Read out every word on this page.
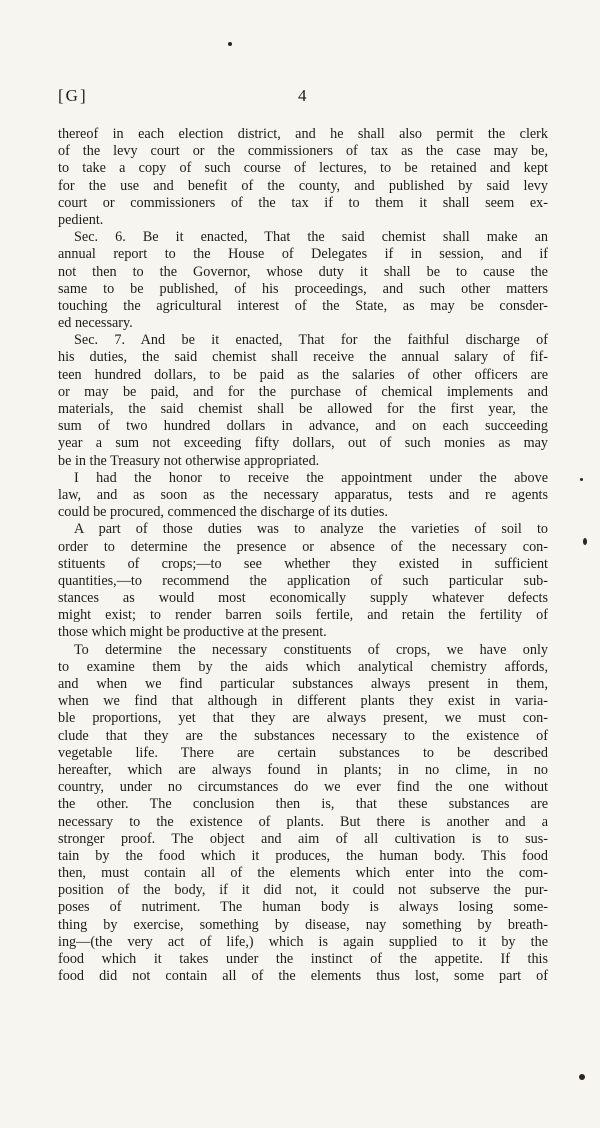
[G]	4
thereof in each election district, and he shall also permit the clerk
of the levy court or the commissioners of tax as the case may be,
to take a copy of such course of lectures, to be retained and kept
for the use and benefit of the county, and published by said levy
court or commissioners of the tax if to them it shall seem ex-
pedient.
Sec. 6. Be it enacted, That the said chemist shall make an
annual report to the House of Delegates if in session, and if
not then to the Governor, whose duty it shall be to cause the
same to be published, of his proceedings, and such other matters
touching the agricultural interest of the State, as may be consder-
ed necessary.
Sec. 7. And be it enacted, That for the faithful discharge of
his duties, the said chemist shall receive the annual salary of fif-
teen hundred dollars, to be paid as the salaries of other officers are
or may be paid, and for the purchase of chemical implements and
materials, the said chemist shall be allowed for the first year, the
sum of two hundred dollars in advance, and on each succeeding
year a sum not exceeding fifty dollars, out of such monies as may
be in the Treasury not otherwise appropriated.
I had the honor to receive the appointment under the above
law, and as soon as the necessary apparatus, tests and re agents
could be procured, commenced the discharge of its duties.
A part of those duties was to analyze the varieties of soil to
order to determine the presence or absence of the necessary con-
stituents of crops;—to see whether they existed in sufficient
quantities,—to recommend the application of such particular sub-
stances as would most economically supply whatever defects
might exist; to render barren soils fertile, and retain the fertility of
those which might be productive at the present.
To determine the necessary constituents of crops, we have only
to examine them by the aids which analytical chemistry affords,
and when we find particular substances always present in them,
when we find that although in different plants they exist in varia-
ble proportions, yet that they are always present, we must con-
clude that they are the substances necessary to the existence of
vegetable life. There are certain substances to be described
hereafter, which are always found in plants; in no clime, in no
country, under no circumstances do we ever find the one without
the other. The conclusion then is, that these substances are
necessary to the existence of plants. But there is another and a
stronger proof. The object and aim of all cultivation is to sus-
tain by the food which it produces, the human body. This food
then, must contain all of the elements which enter into the com-
position of the body, if it did not, it could not subserve the pur-
poses of nutriment. The human body is always losing some-
thing by exercise, something by disease, nay something by breath-
ing—(the very act of life,) which is again supplied to it by the
food which it takes under the instinct of the appetite. If this
food did not contain all of the elements thus lost, some part of
